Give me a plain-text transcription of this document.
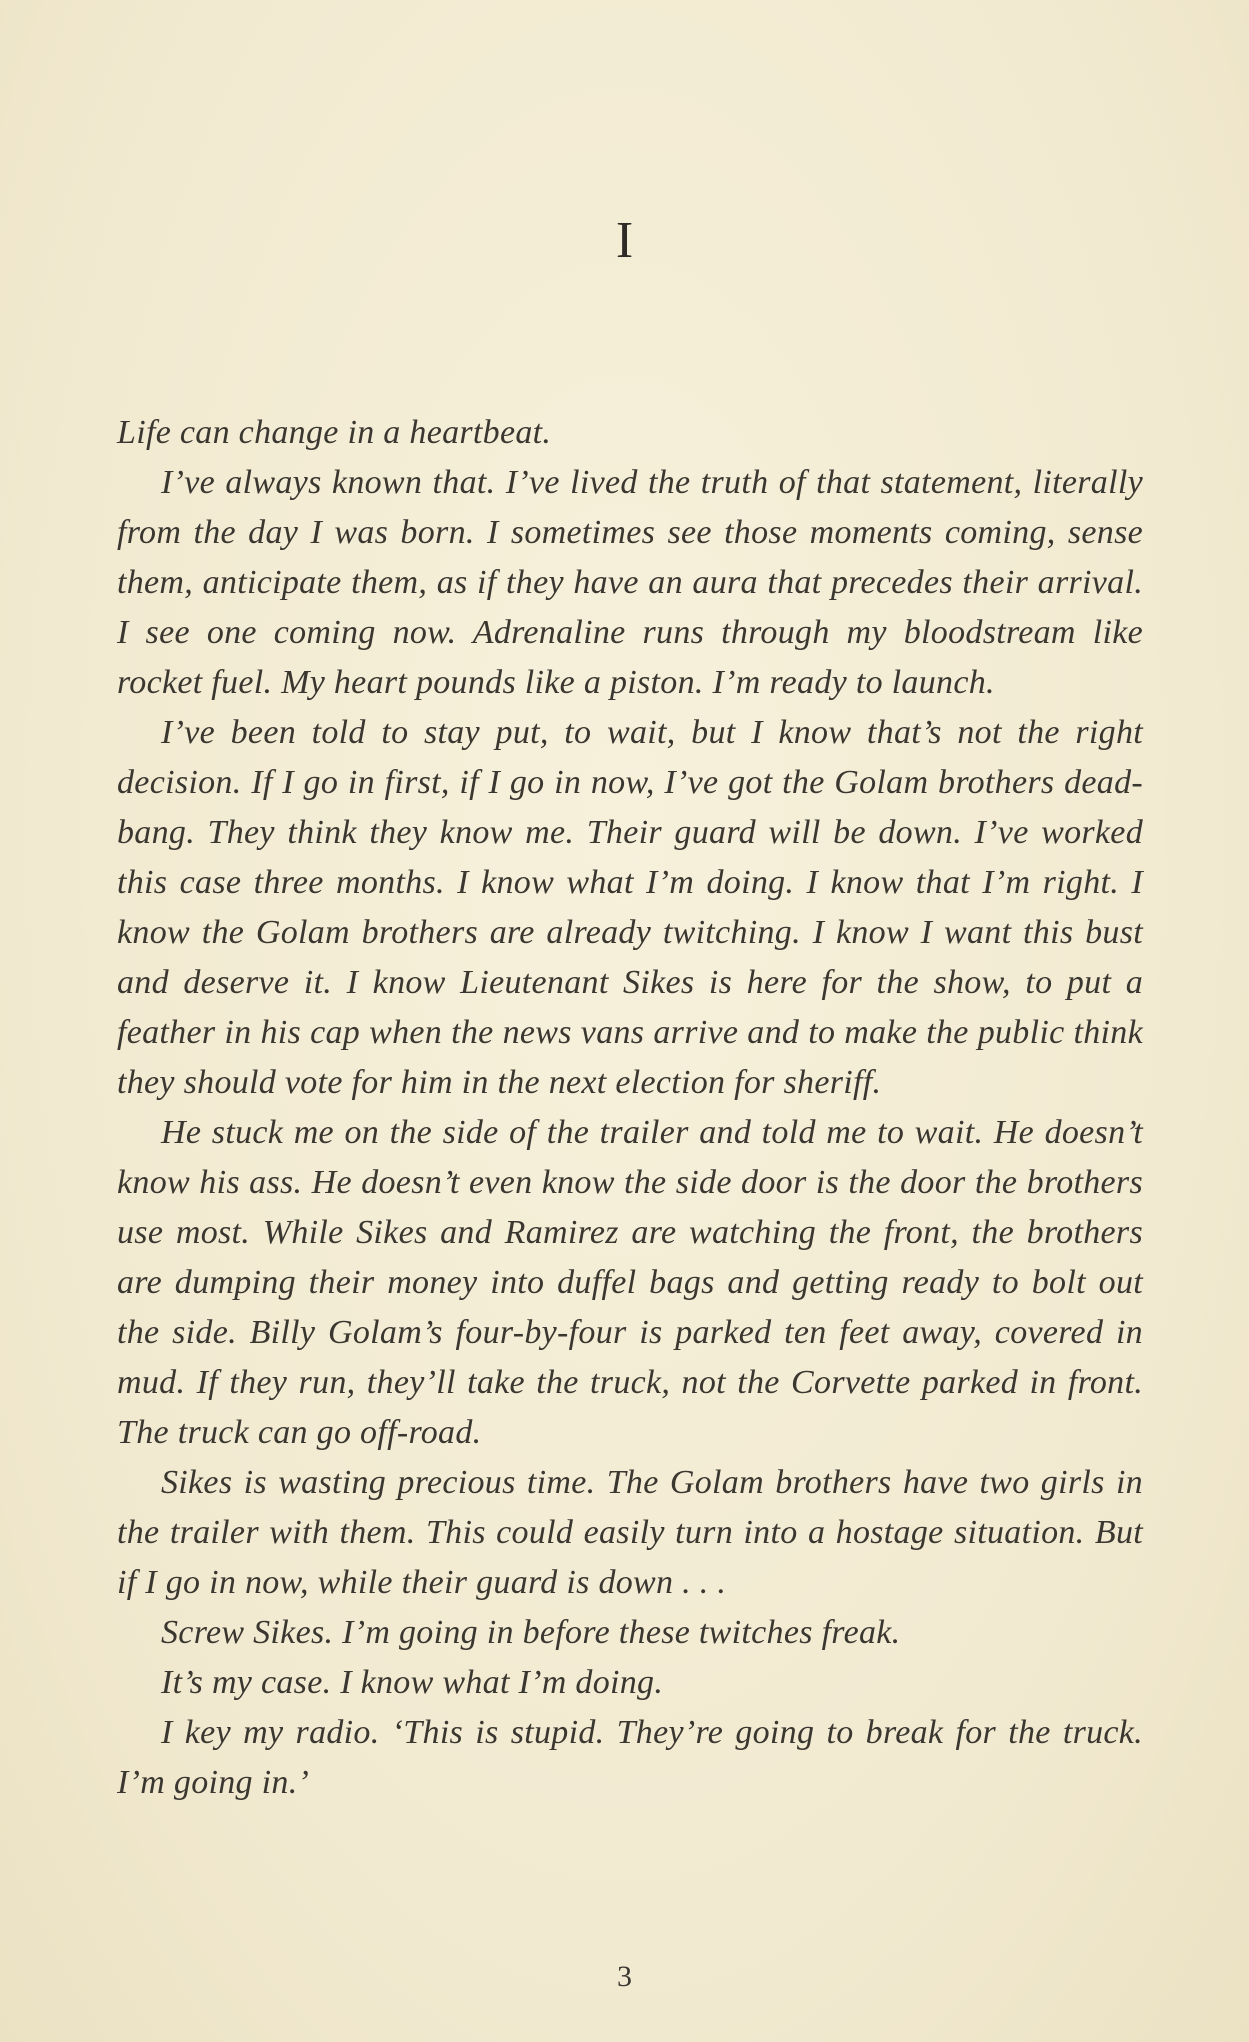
I

Life can change in a heartbeat.

I’ve always known that. I’ve lived the truth of that statement, literally from the day I was born. I sometimes see those moments coming, sense them, anticipate them, as if they have an aura that precedes their arrival. I see one coming now. Adrenaline runs through my bloodstream like rocket fuel. My heart pounds like a piston. I’m ready to launch.

I’ve been told to stay put, to wait, but I know that’s not the right decision. If I go in first, if I go in now, I’ve got the Golam brothers dead-bang. They think they know me. Their guard will be down. I’ve worked this case three months. I know what I’m doing. I know that I’m right. I know the Golam brothers are already twitching. I know I want this bust and deserve it. I know Lieutenant Sikes is here for the show, to put a feather in his cap when the news vans arrive and to make the public think they should vote for him in the next election for sheriff.

He stuck me on the side of the trailer and told me to wait. He doesn’t know his ass. He doesn’t even know the side door is the door the brothers use most. While Sikes and Ramirez are watching the front, the brothers are dumping their money into duffel bags and getting ready to bolt out the side. Billy Golam’s four-by-four is parked ten feet away, covered in mud. If they run, they’ll take the truck, not the Corvette parked in front. The truck can go off-road.

Sikes is wasting precious time. The Golam brothers have two girls in the trailer with them. This could easily turn into a hostage situation. But if I go in now, while their guard is down . . .

Screw Sikes. I’m going in before these twitches freak.

It’s my case. I know what I’m doing.

I key my radio. ‘This is stupid. They’re going to break for the truck. I’m going in.’

3
